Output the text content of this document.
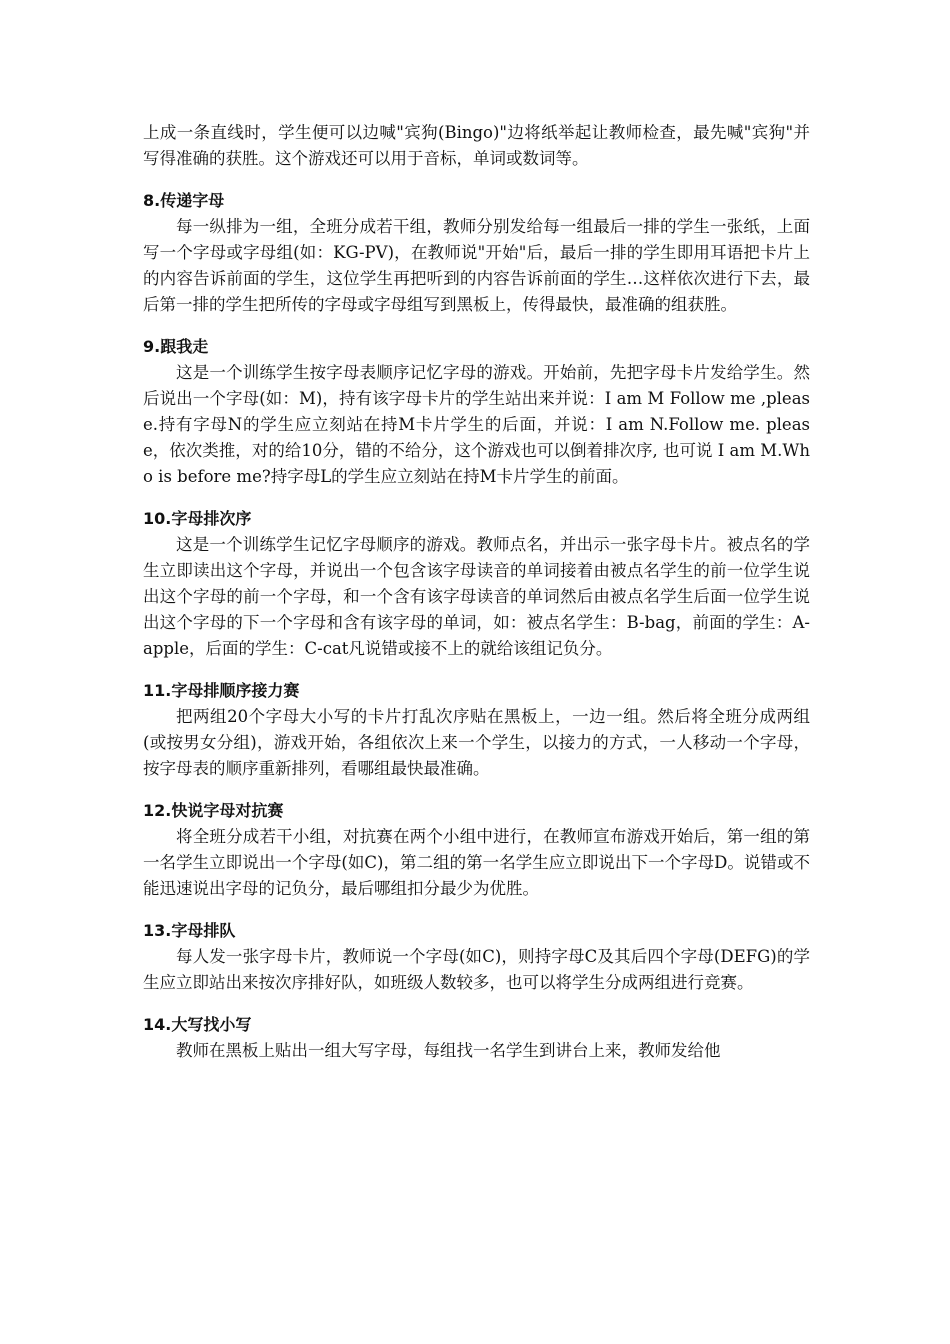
上成一条直线时，学生便可以边喊"宾狗(Bingo)"边将纸举起让教师检查，最先喊"宾狗"并写得准确的获胜。这个游戏还可以用于音标，单词或数词等。

8.传递字母

每一纵排为一组，全班分成若干组，教师分别发给每一组最后一排的学生一张纸，上面写一个字母或字母组(如：KG-PV)，在教师说"开始"后，最后一排的学生即用耳语把卡片上的内容告诉前面的学生，这位学生再把听到的内容告诉前面的学生…这样依次进行下去，最后第一排的学生把所传的字母或字母组写到黑板上，传得最快，最准确的组获胜。

9.跟我走

这是一个训练学生按字母表顺序记忆字母的游戏。开始前，先把字母卡片发给学生。然后说出一个字母(如：M)，持有该字母卡片的学生站出来并说：I am M Follow me ,please.持有字母N的学生应立刻站在持M卡片学生的后面，并说：I am N.Follow me. please，依次类推，对的给10分，错的不给分，这个游戏也可以倒着排次序, 也可说 I am M.Who is before me?持字母L的学生应立刻站在持M卡片学生的前面。

10.字母排次序

这是一个训练学生记忆字母顺序的游戏。教师点名，并出示一张字母卡片。被点名的学生立即读出这个字母，并说出一个包含该字母读音的单词接着由被点名学生的前一位学生说出这个字母的前一个字母，和一个含有该字母读音的单词然后由被点名学生后面一位学生说出这个字母的下一个字母和含有该字母的单词，如：被点名学生：B-bag，前面的学生：A-apple，后面的学生：C-cat凡说错或接不上的就给该组记负分。

11.字母排顺序接力赛

把两组20个字母大小写的卡片打乱次序贴在黑板上，一边一组。然后将全班分成两组(或按男女分组)，游戏开始，各组依次上来一个学生，以接力的方式，一人移动一个字母，按字母表的顺序重新排列，看哪组最快最准确。

12.快说字母对抗赛

将全班分成若干小组，对抗赛在两个小组中进行，在教师宣布游戏开始后，第一组的第一名学生立即说出一个字母(如C)，第二组的第一名学生应立即说出下一个字母D。说错或不能迅速说出字母的记负分，最后哪组扣分最少为优胜。

13.字母排队

每人发一张字母卡片，教师说一个字母(如C)，则持字母C及其后四个字母(DEFG)的学生应立即站出来按次序排好队，如班级人数较多，也可以将学生分成两组进行竞赛。

14.大写找小写

教师在黑板上贴出一组大写字母，每组找一名学生到讲台上来，教师发给他
